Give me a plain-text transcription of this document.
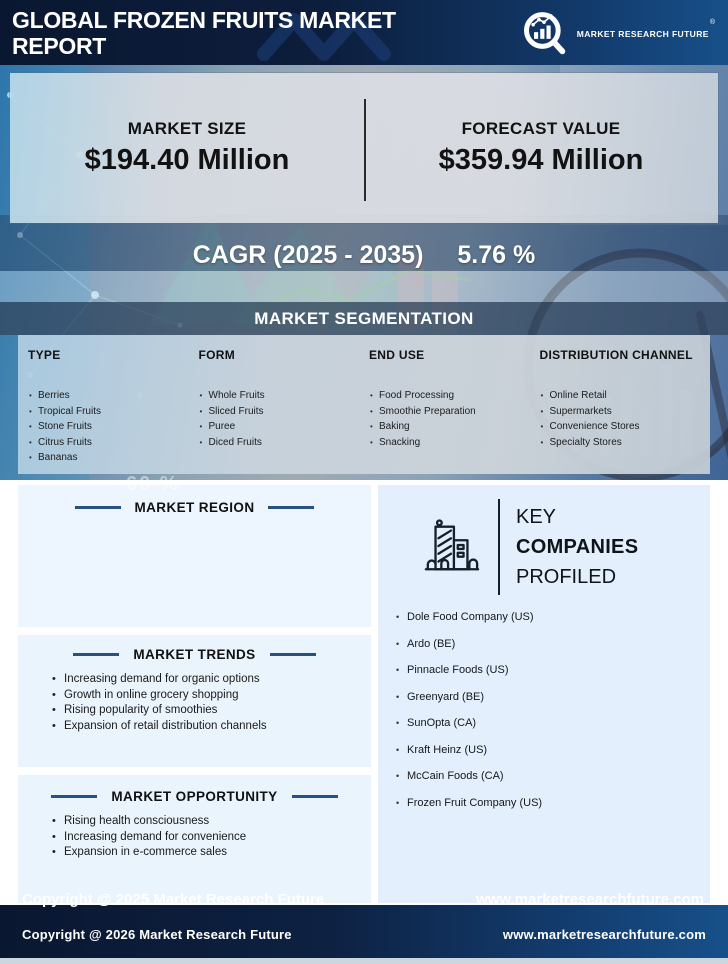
GLOBAL FROZEN FRUITS MARKET
REPORT	MARKET RESEARCH FUTURE®
MARKET SIZE
$194.40 Million
FORECAST VALUE
$359.94 Million
CAGR (2025 - 2035) 5.76 %
MARKET SEGMENTATION
60 %
TYPE
• Berries
• Tropical Fruits
• Stone Fruits
• Citrus Fruits
• Bananas
FORM
• Whole Fruits
• Sliced Fruits
• Puree
• Diced Fruits
END USE
• Food Processing
• Smoothie Preparation
• Baking
• Snacking
DISTRIBUTION CHANNEL
• Online Retail
• Supermarkets
• Convenience Stores
• Specialty Stores
MARKET REGION
MARKET TRENDS
• Increasing demand for organic options
• Growth in online grocery shopping
• Rising popularity of smoothies
• Expansion of retail distribution channels
MARKET OPPORTUNITY
• Rising health consciousness
• Increasing demand for convenience
• Expansion in e-commerce sales
Copyright @ 2025 Market Research Future
KEY
COMPANIES
PROFILED
• Dole Food Company (US)
• Ardo (BE)
• Pinnacle Foods (US)
• Greenyard (BE)
• SunOpta (CA)
• Kraft Heinz (US)
• McCain Foods (CA)
• Frozen Fruit Company (US)
www.marketresearchfuture.com
Copyright @ 2026 Market Research Future	www.marketresearchfuture.com
